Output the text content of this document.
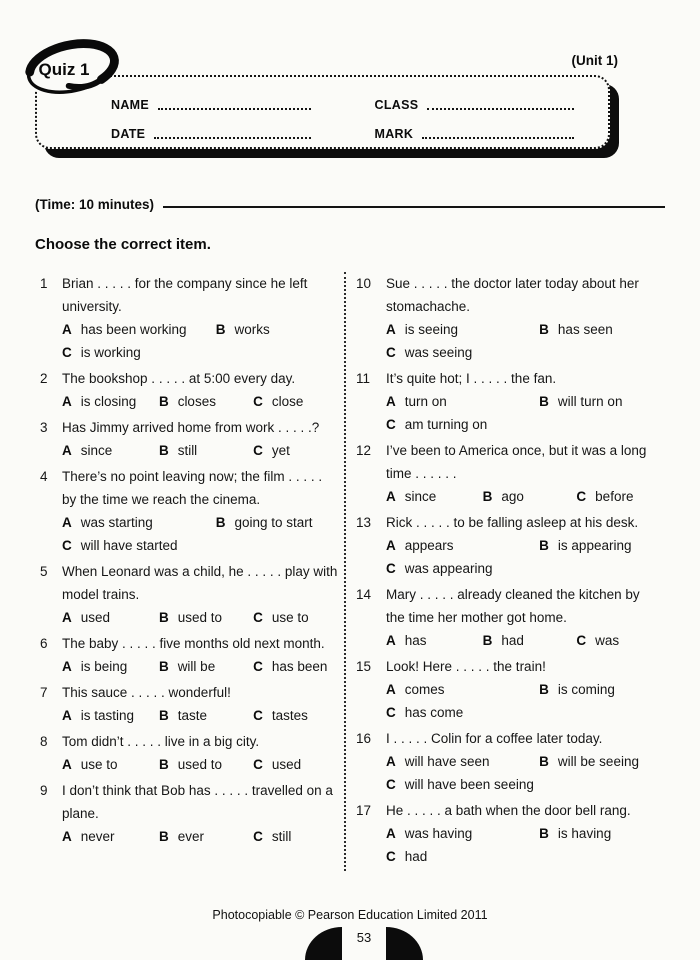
NAME	CLASS
DATE	MARK
Quiz 1	(Unit 1)
(Time: 10 minutes)
Choose the correct item.
1	Brian . . . . . for the company since he left university.
A has been working B works
C is working
2	The bookshop . . . . . at 5:00 every day.
A is closing B closes	C close
3	Has Jimmy arrived home from work . . . . .?
A since	B still	C yet
4	There’s no point leaving now; the film . . . . . by the time we reach the cinema.
A was starting	B going to start
C will have started
5	When Leonard was a child, he . . . . . play with model trains.
A used	B used to C use to
6	The baby . . . . . five months old next month.
A is being B will be	C has been
7	This sauce . . . . . wonderful!
A is tasting B taste	C tastes
8	Tom didn’t . . . . . live in a big city.
A use to	B used to C used
9	I don’t think that Bob has . . . . . travelled on a plane.
A never	B ever	C still
10	Sue . . . . . the doctor later today about her stomachache.
A is seeing	B has seen
C was seeing
11	It’s quite hot; I . . . . . the fan.
A turn on	B will turn on
C am turning on
12	I’ve been to America once, but it was a long time . . . . . .
A since	B ago	C before
13	Rick . . . . . to be falling asleep at his desk.
A appears	B is appearing
C was appearing
14	Mary . . . . . already cleaned the kitchen by the time her mother got home.
A has	B had	C was
15	Look! Here . . . . . the train!
A comes	B is coming
C has come
16	I . . . . . Colin for a coffee later today.
A will have seen	B will be seeing
C will have been seeing
17	He . . . . . a bath when the door bell rang.
A was having	B is having
C had
Photocopiable © Pearson Education Limited 2011
53
